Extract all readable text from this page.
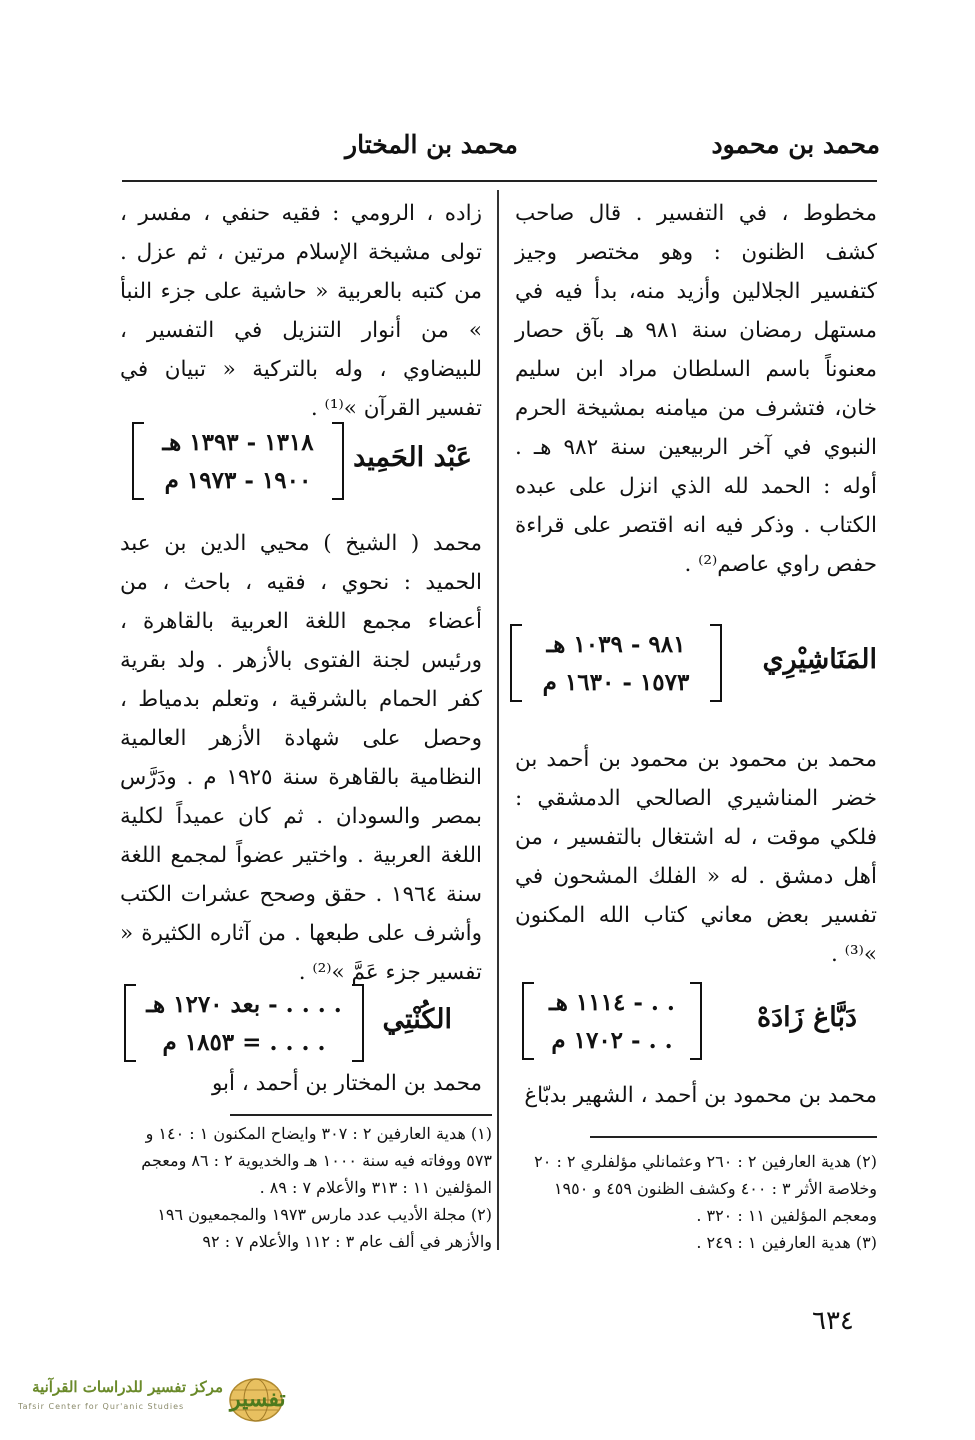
محمد بن محمود
محمد بن المختار
مخطوط ، في التفسير . قال صاحب كشف الظنون : وهو مختصر وجيز كتفسير الجلالين وأزيد منه، بدأ فيه في مستهل رمضان سنة ٩٨١ هـ بآق حصار معنوناً باسم السلطان مراد ابن سليم خان، فتشرف من ميامنه بمشيخة الحرم النبوي في آخر الربيعين سنة ٩٨٢ هـ . أوله : الحمد لله الذي انزل على عبده الكتاب . وذكر فيه انه اقتصر على قراءة حفص راوي عاصم⁽²⁾ .
المَنَاشِيْرِي
٩٨١ - ١٠٣٩ هـ
١٥٧٣ - ١٦٣٠ م
محمد بن محمود بن محمود بن أحمد بن خضر المناشيري الصالحي الدمشقي : فلكي موقت ، له اشتغال بالتفسير ، من أهل دمشق . له « الفلك المشحون في تفسير بعض معاني كتاب الله المكنون »⁽³⁾ .
دَبَّاغ زَادَهْ
. . - ١١١٤ هـ
. . - ١٧٠٢ م
محمد بن محمود بن أحمد ، الشهير بدبّاغ
(٢) هدية العارفين ٢ : ٢٦٠ وعثمانلي مؤلفلري ٢ : ٢٠ وخلاصة الأثر ٣ : ٤٠٠ وكشف الظنون ٤٥٩ و ١٩٥٠ ومعجم المؤلفين ١١ : ٣٢٠ .
(٣) هدية العارفين ١ : ٢٤٩ .
زاده ، الرومي : فقيه حنفي ، مفسر ، تولى مشيخة الإسلام مرتين ، ثم عزل . من كتبه بالعربية « حاشية على جزء النبأ » من أنوار التنزيل في التفسير ، للبيضاوي ، وله بالتركية « تبيان في تفسير القرآن »⁽¹⁾ .
عَبْد الحَمِيد
١٣١٨ - ١٣٩٣ هـ
١٩٠٠ - ١٩٧٣ م
محمد ( الشيخ ) محيي الدين بن عبد الحميد : نحوي ، فقيه ، باحث ، من أعضاء مجمع اللغة العربية بالقاهرة ، ورئيس لجنة الفتوى بالأزهر . ولد بقرية كفر الحمام بالشرقية ، وتعلم بدمياط ، وحصل على شهادة الأزهر العالمية النظامية بالقاهرة سنة ١٩٢٥ م . ودَرَّس بمصر والسودان . ثم كان عميداً لكلية اللغة العربية . واختير عضواً لمجمع اللغة سنة ١٩٦٤ . حقق وصحح عشرات الكتب وأشرف على طبعها . من آثاره الكثيرة « تفسير جزء عَمَّ »⁽²⁾ .
الكُنْتِي
. . . . - بعد ١٢٧٠ هـ
. . . . = ١٨٥٣ م
محمد بن المختار بن أحمد ، أبو
(١) هدية العارفين ٢ : ٣٠٧ وايضاح المكنون ١ : ١٤٠ و ٥٧٣ ووفاته فيه سنة ١٠٠٠ هـ والخديوية ٢ : ٨٦ ومعجم المؤلفين ١١ : ٣١٣ والأعلام ٧ : ٨٩ .
(٢) مجلة الأديب عدد مارس ١٩٧٣ والمجمعيون ١٩٦ والأزهر في ألف عام ٣ : ١١٢ والأعلام ٧ : ٩٢
٦٣٤
تفسير
مركز تفسير للدراسات القرآنية
Tafsir Center for Qur'anic Studies
